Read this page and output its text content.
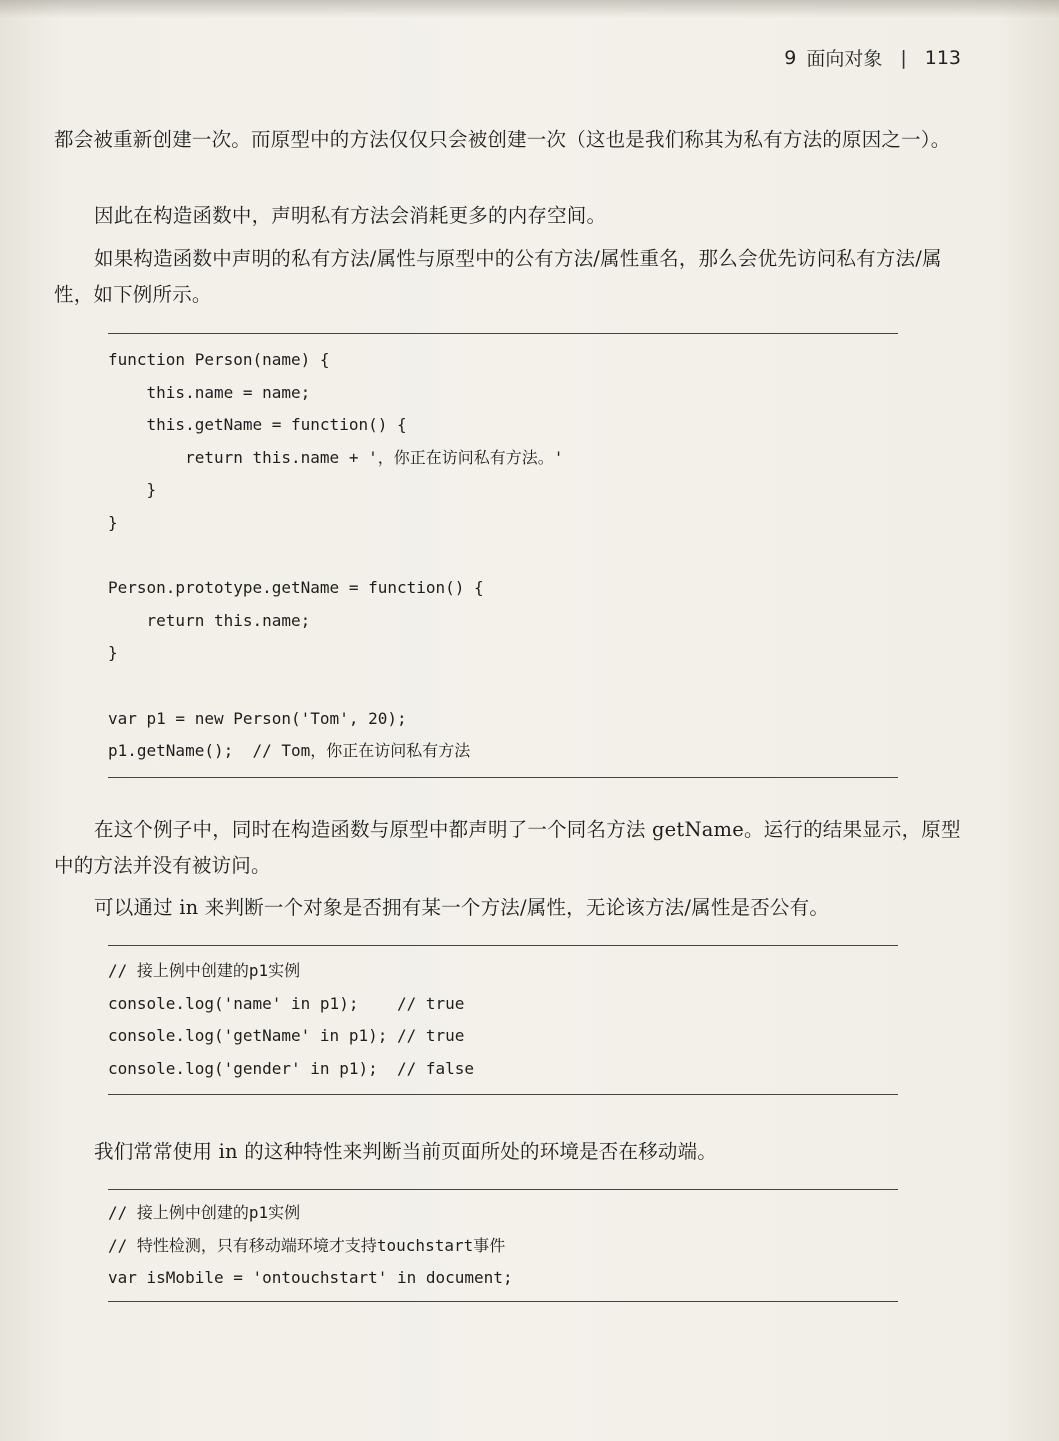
9 面向对象 | 113

都会被重新创建一次。而原型中的方法仅仅只会被创建一次（这也是我们称其为私有方法的原因之一）。

因此在构造函数中，声明私有方法会消耗更多的内存空间。

如果构造函数中声明的私有方法/属性与原型中的公有方法/属性重名，那么会优先访问私有方法/属性，如下例所示。

function Person(name) {
this.name = name;
this.getName = function() {
return this.name + '，你正在访问私有方法。'
}
}
Person.prototype.getName = function() {
return this.name;
}
var p1 = new Person('Tom', 20);
p1.getName();  // Tom，你正在访问私有方法

在这个例子中，同时在构造函数与原型中都声明了一个同名方法 getName。运行的结果显示，原型中的方法并没有被访问。

可以通过 in 来判断一个对象是否拥有某一个方法/属性，无论该方法/属性是否公有。

// 接上例中创建的p1实例
console.log('name' in p1);    // true
console.log('getName' in p1); // true
console.log('gender' in p1);  // false

我们常常使用 in 的这种特性来判断当前页面所处的环境是否在移动端。

// 接上例中创建的p1实例
// 特性检测，只有移动端环境才支持touchstart事件
var isMobile = 'ontouchstart' in document;
